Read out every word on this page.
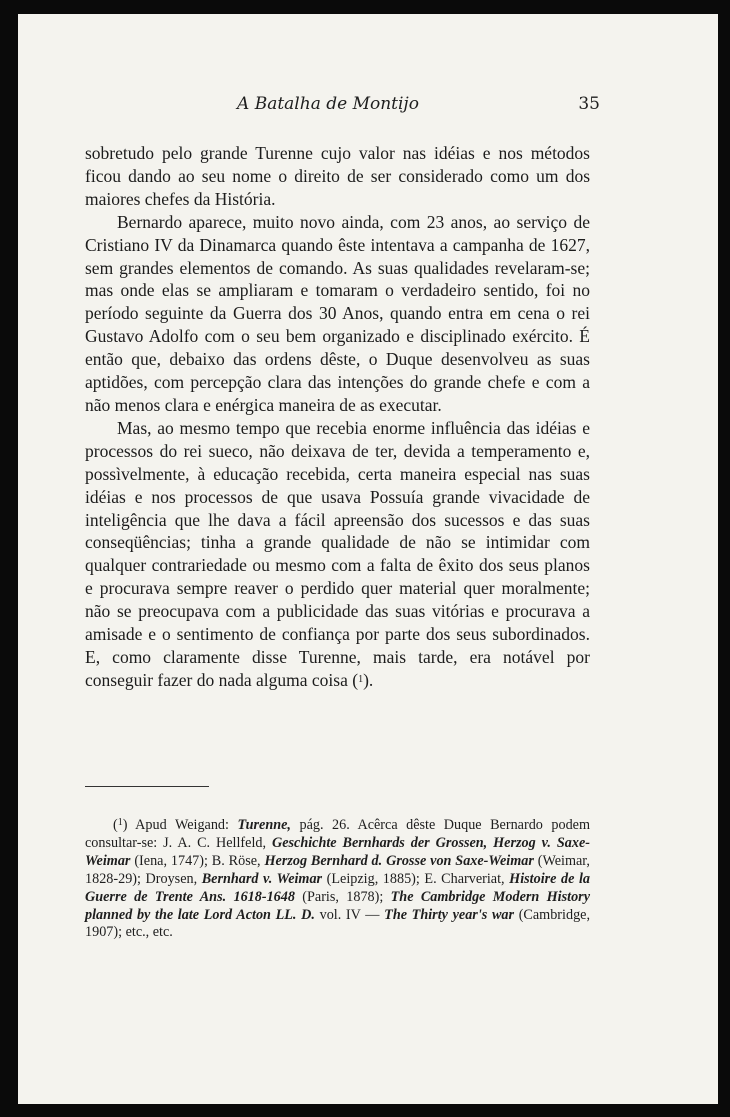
A Batalha de Montijo	35

sobretudo pelo grande Turenne cujo valor nas idéias e nos métodos ficou dando ao seu nome o direito de ser considerado como um dos maiores chefes da História.

Bernardo aparece, muito novo ainda, com 23 anos, ao serviço de Cristiano IV da Dinamarca quando êste intentava a campanha de 1627, sem grandes elementos de comando. As suas qualidades revelaram-se; mas onde elas se ampliaram e tomaram o verdadeiro sentido, foi no período seguinte da Guerra dos 30 Anos, quando entra em cena o rei Gustavo Adolfo com o seu bem organizado e disciplinado exército. É então que, debaixo das ordens dêste, o Duque desenvolveu as suas aptidões, com percepção clara das intenções do grande chefe e com a não menos clara e enérgica maneira de as executar.

Mas, ao mesmo tempo que recebia enorme influência das idéias e processos do rei sueco, não deixava de ter, devida a temperamento e, possìvelmente, à educação recebida, certa maneira especial nas suas idéias e nos processos de que usava Possuía grande vivacidade de inteligência que lhe dava a fácil apreensão dos sucessos e das suas conseqüências; tinha a grande qualidade de não se intimidar com qualquer contrariedade ou mesmo com a falta de êxito dos seus planos e procurava sempre reaver o perdido quer material quer moralmente; não se preocupava com a publicidade das suas vitórias e procurava a amisade e o sentimento de confiança por parte dos seus subordinados. E, como claramente disse Turenne, mais tarde, era notável por conseguir fazer do nada alguma coisa ($^1$).

($^1$) Apud Weigand: Turenne, pág. 26. Acêrca dêste Duque Bernardo podem consultar-se: J. A. C. Hellfeld, Geschichte Bernhards der Grossen, Herzog v. Saxe-Weimar (Iena, 1747); B. Röse, Herzog Bernhard d. Grosse von Saxe-Weimar (Weimar, 1828-29); Droysen, Bernhard v. Weimar (Leipzig, 1885); E. Charveriat, Histoire de la Guerre de Trente Ans. 1618-1648 (Paris, 1878); The Cambridge Modern History planned by the late Lord Acton LL. D. vol. IV — The Thirty year's war (Cambridge, 1907); etc., etc.
